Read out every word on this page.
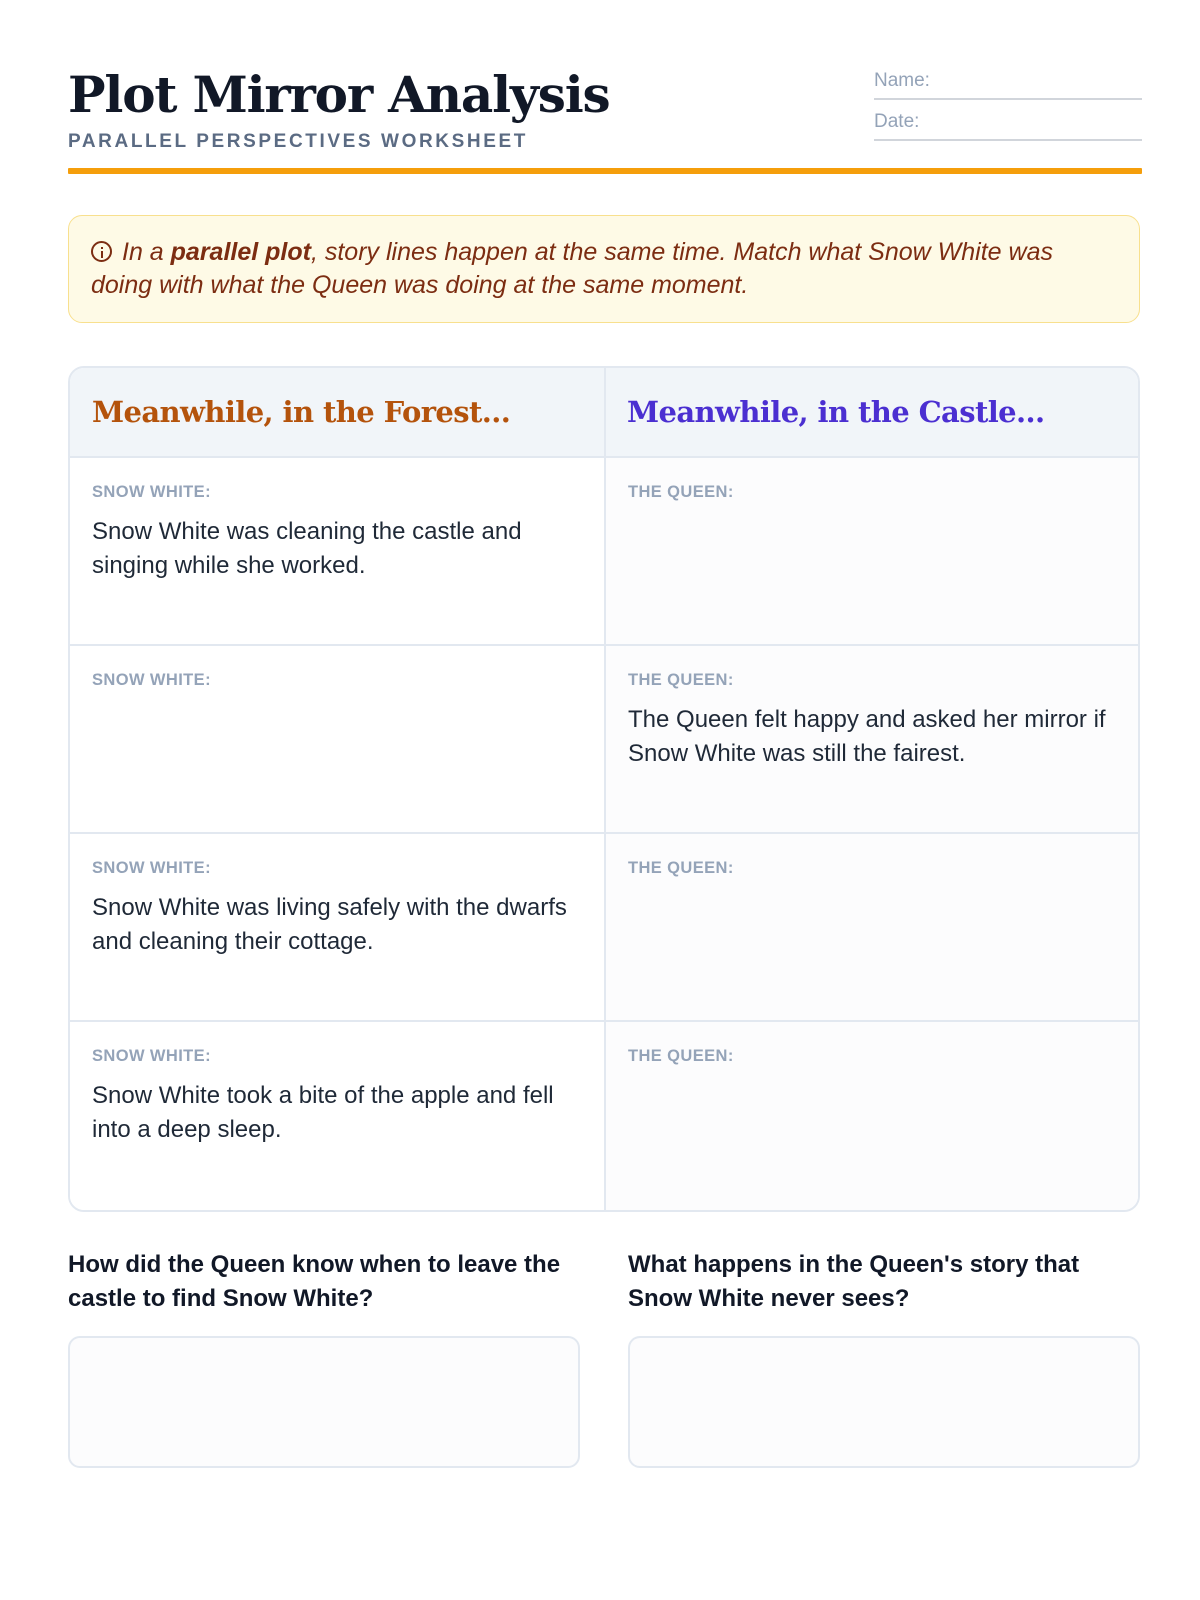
Plot Mirror Analysis
PARALLEL PERSPECTIVES WORKSHEET
Name:
Date:
In a parallel plot, story lines happen at the same time. Match what Snow White was doing with what the Queen was doing at the same moment.
Meanwhile, in the Forest...	Meanwhile, in the Castle...
SNOW WHITE:
Snow White was cleaning the castle and singing while she worked.
THE QUEEN:
SNOW WHITE:	THE QUEEN:
The Queen felt happy and asked her mirror if Snow White was still the fairest.
SNOW WHITE:
Snow White was living safely with the dwarfs and cleaning their cottage.
THE QUEEN:
SNOW WHITE:
Snow White took a bite of the apple and fell into a deep sleep.
THE QUEEN:
How did the Queen know when to leave the castle to find Snow White?
What happens in the Queen's story that Snow White never sees?
